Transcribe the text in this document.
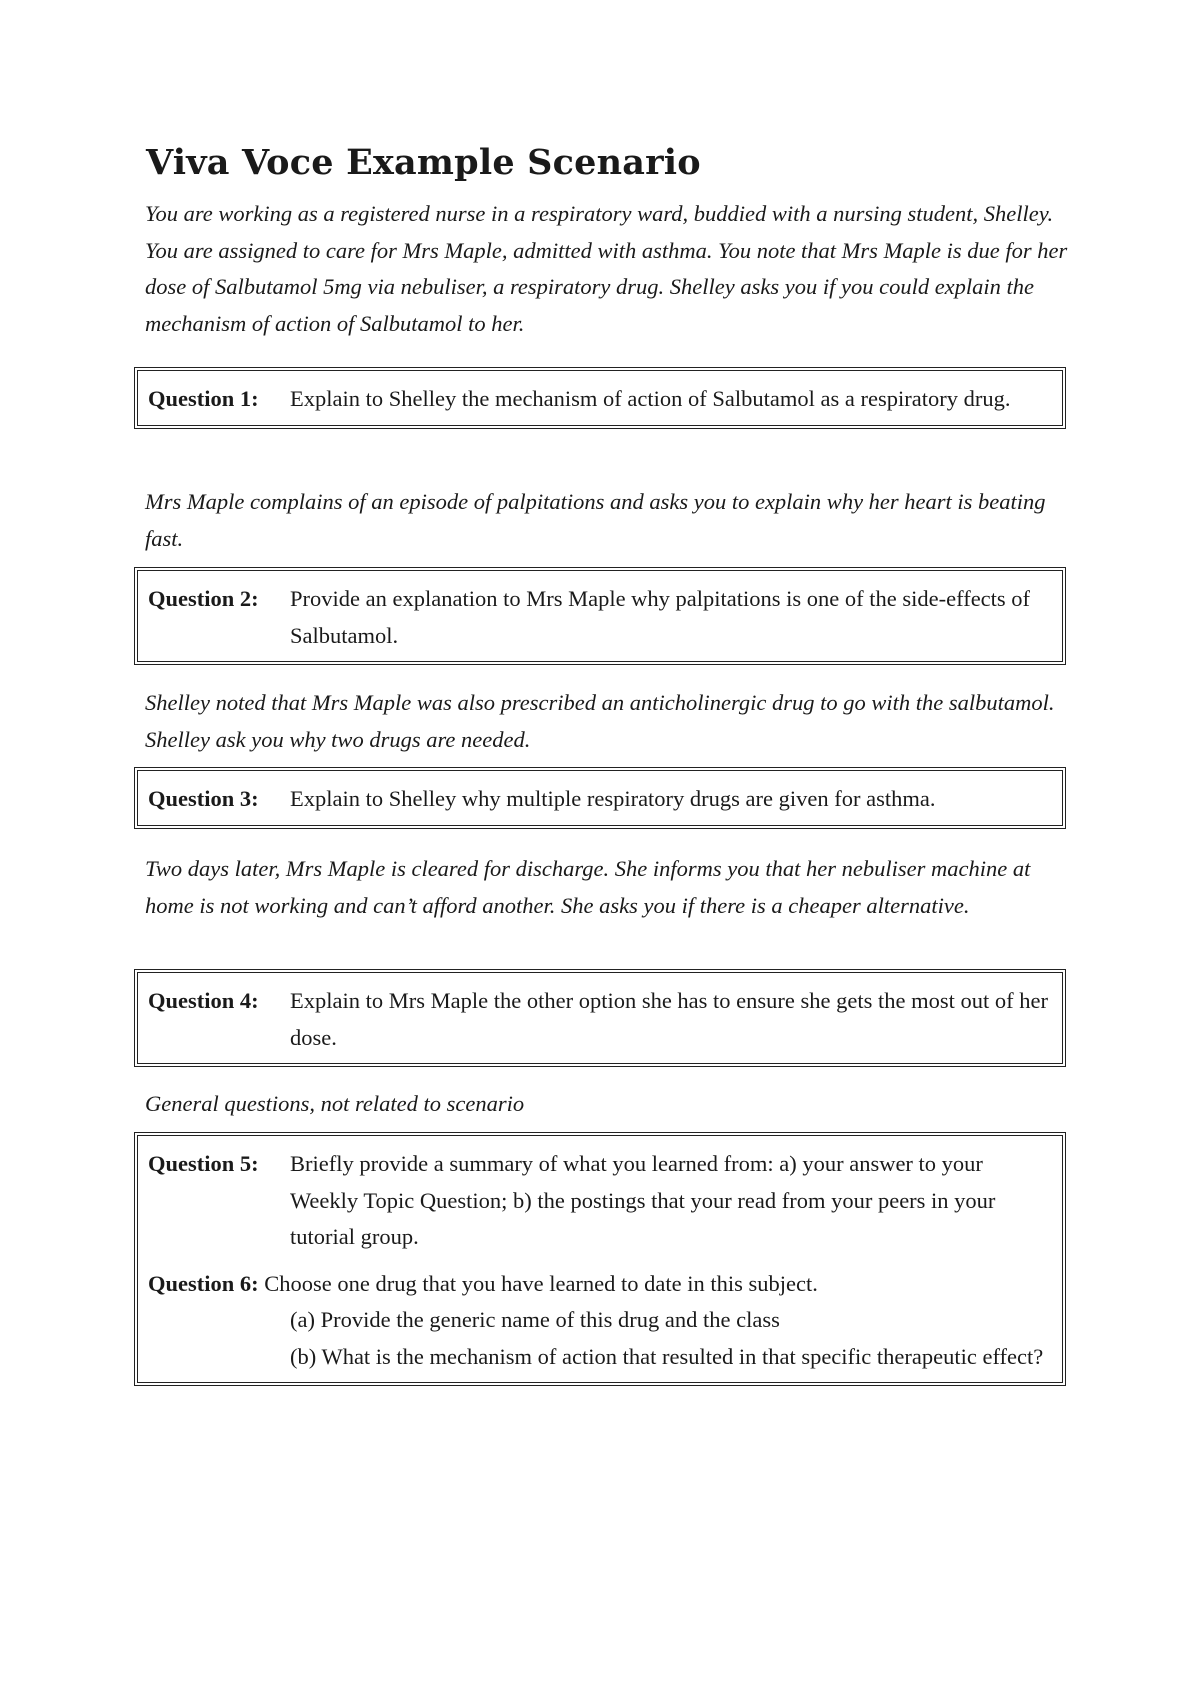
Viva Voce Example Scenario

You are working as a registered nurse in a respiratory ward, buddied with a nursing student, Shelley. You are assigned to care for Mrs Maple, admitted with asthma. You note that Mrs Maple is due for her dose of Salbutamol 5mg via nebuliser, a respiratory drug. Shelley asks you if you could explain the mechanism of action of Salbutamol to her.

Question 1:	Explain to Shelley the mechanism of action of Salbutamol as a respiratory drug.

Mrs Maple complains of an episode of palpitations and asks you to explain why her heart is beating fast.

Question 2:	Provide an explanation to Mrs Maple why palpitations is one of the side-effects of Salbutamol.

Shelley noted that Mrs Maple was also prescribed an anticholinergic drug to go with the salbutamol. Shelley ask you why two drugs are needed.

Question 3:	Explain to Shelley why multiple respiratory drugs are given for asthma.

Two days later, Mrs Maple is cleared for discharge. She informs you that her nebuliser machine at home is not working and can’t afford another. She asks you if there is a cheaper alternative.

Question 4:	Explain to Mrs Maple the other option she has to ensure she gets the most out of her dose.

General questions, not related to scenario

Question 5:	Briefly provide a summary of what you learned from: a) your answer to your Weekly Topic Question; b) the postings that your read from your peers in your tutorial group.
Question 6: Choose one drug that you have learned to date in this subject.
(a) Provide the generic name of this drug and the class
(b) What is the mechanism of action that resulted in that specific therapeutic effect?
